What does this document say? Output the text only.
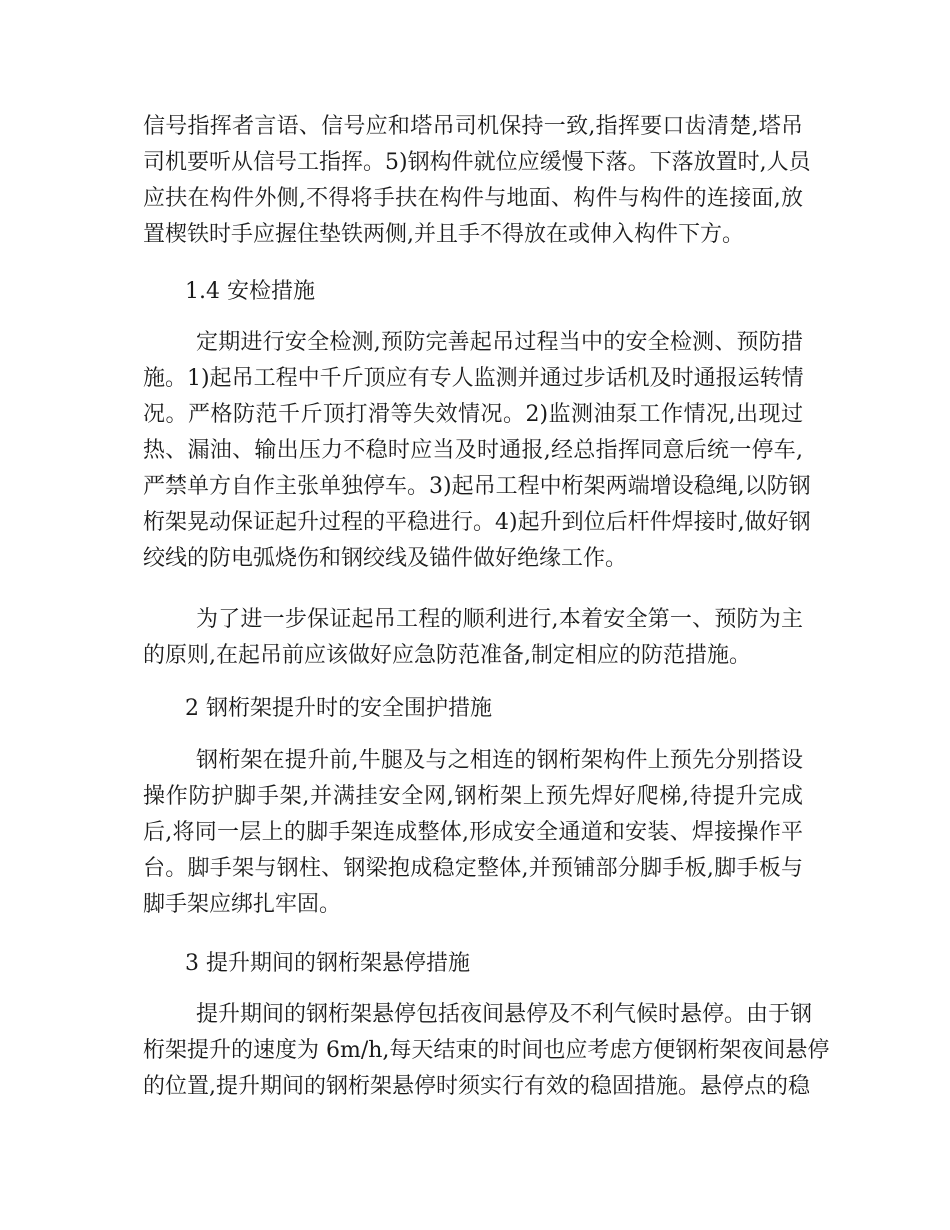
信号指挥者言语、信号应和塔吊司机保持一致,指挥要口齿清楚,塔吊
司机要听从信号工指挥。5)钢构件就位应缓慢下落。下落放置时,人员
应扶在构件外侧,不得将手扶在构件与地面、构件与构件的连接面,放
置楔铁时手应握住垫铁两侧,并且手不得放在或伸入构件下方。
1.4 安检措施
定期进行安全检测,预防完善起吊过程当中的安全检测、预防措
施。1)起吊工程中千斤顶应有专人监测并通过步话机及时通报运转情
况。严格防范千斤顶打滑等失效情况。2)监测油泵工作情况,出现过
热、漏油、输出压力不稳时应当及时通报,经总指挥同意后统一停车,
严禁单方自作主张单独停车。3)起吊工程中桁架两端增设稳绳,以防钢
桁架晃动保证起升过程的平稳进行。4)起升到位后杆件焊接时,做好钢
绞线的防电弧烧伤和钢绞线及锚件做好绝缘工作。
为了进一步保证起吊工程的顺利进行,本着安全第一、预防为主
的原则,在起吊前应该做好应急防范准备,制定相应的防范措施。
2 钢桁架提升时的安全围护措施
钢桁架在提升前,牛腿及与之相连的钢桁架构件上预先分别搭设
操作防护脚手架,并满挂安全网,钢桁架上预先焊好爬梯,待提升完成
后,将同一层上的脚手架连成整体,形成安全通道和安装、焊接操作平
台。脚手架与钢柱、钢梁抱成稳定整体,并预铺部分脚手板,脚手板与
脚手架应绑扎牢固。
3 提升期间的钢桁架悬停措施
提升期间的钢桁架悬停包括夜间悬停及不利气候时悬停。由于钢
桁架提升的速度为 6m/h,每天结束的时间也应考虑方便钢桁架夜间悬停
的位置,提升期间的钢桁架悬停时须实行有效的稳固措施。悬停点的稳
